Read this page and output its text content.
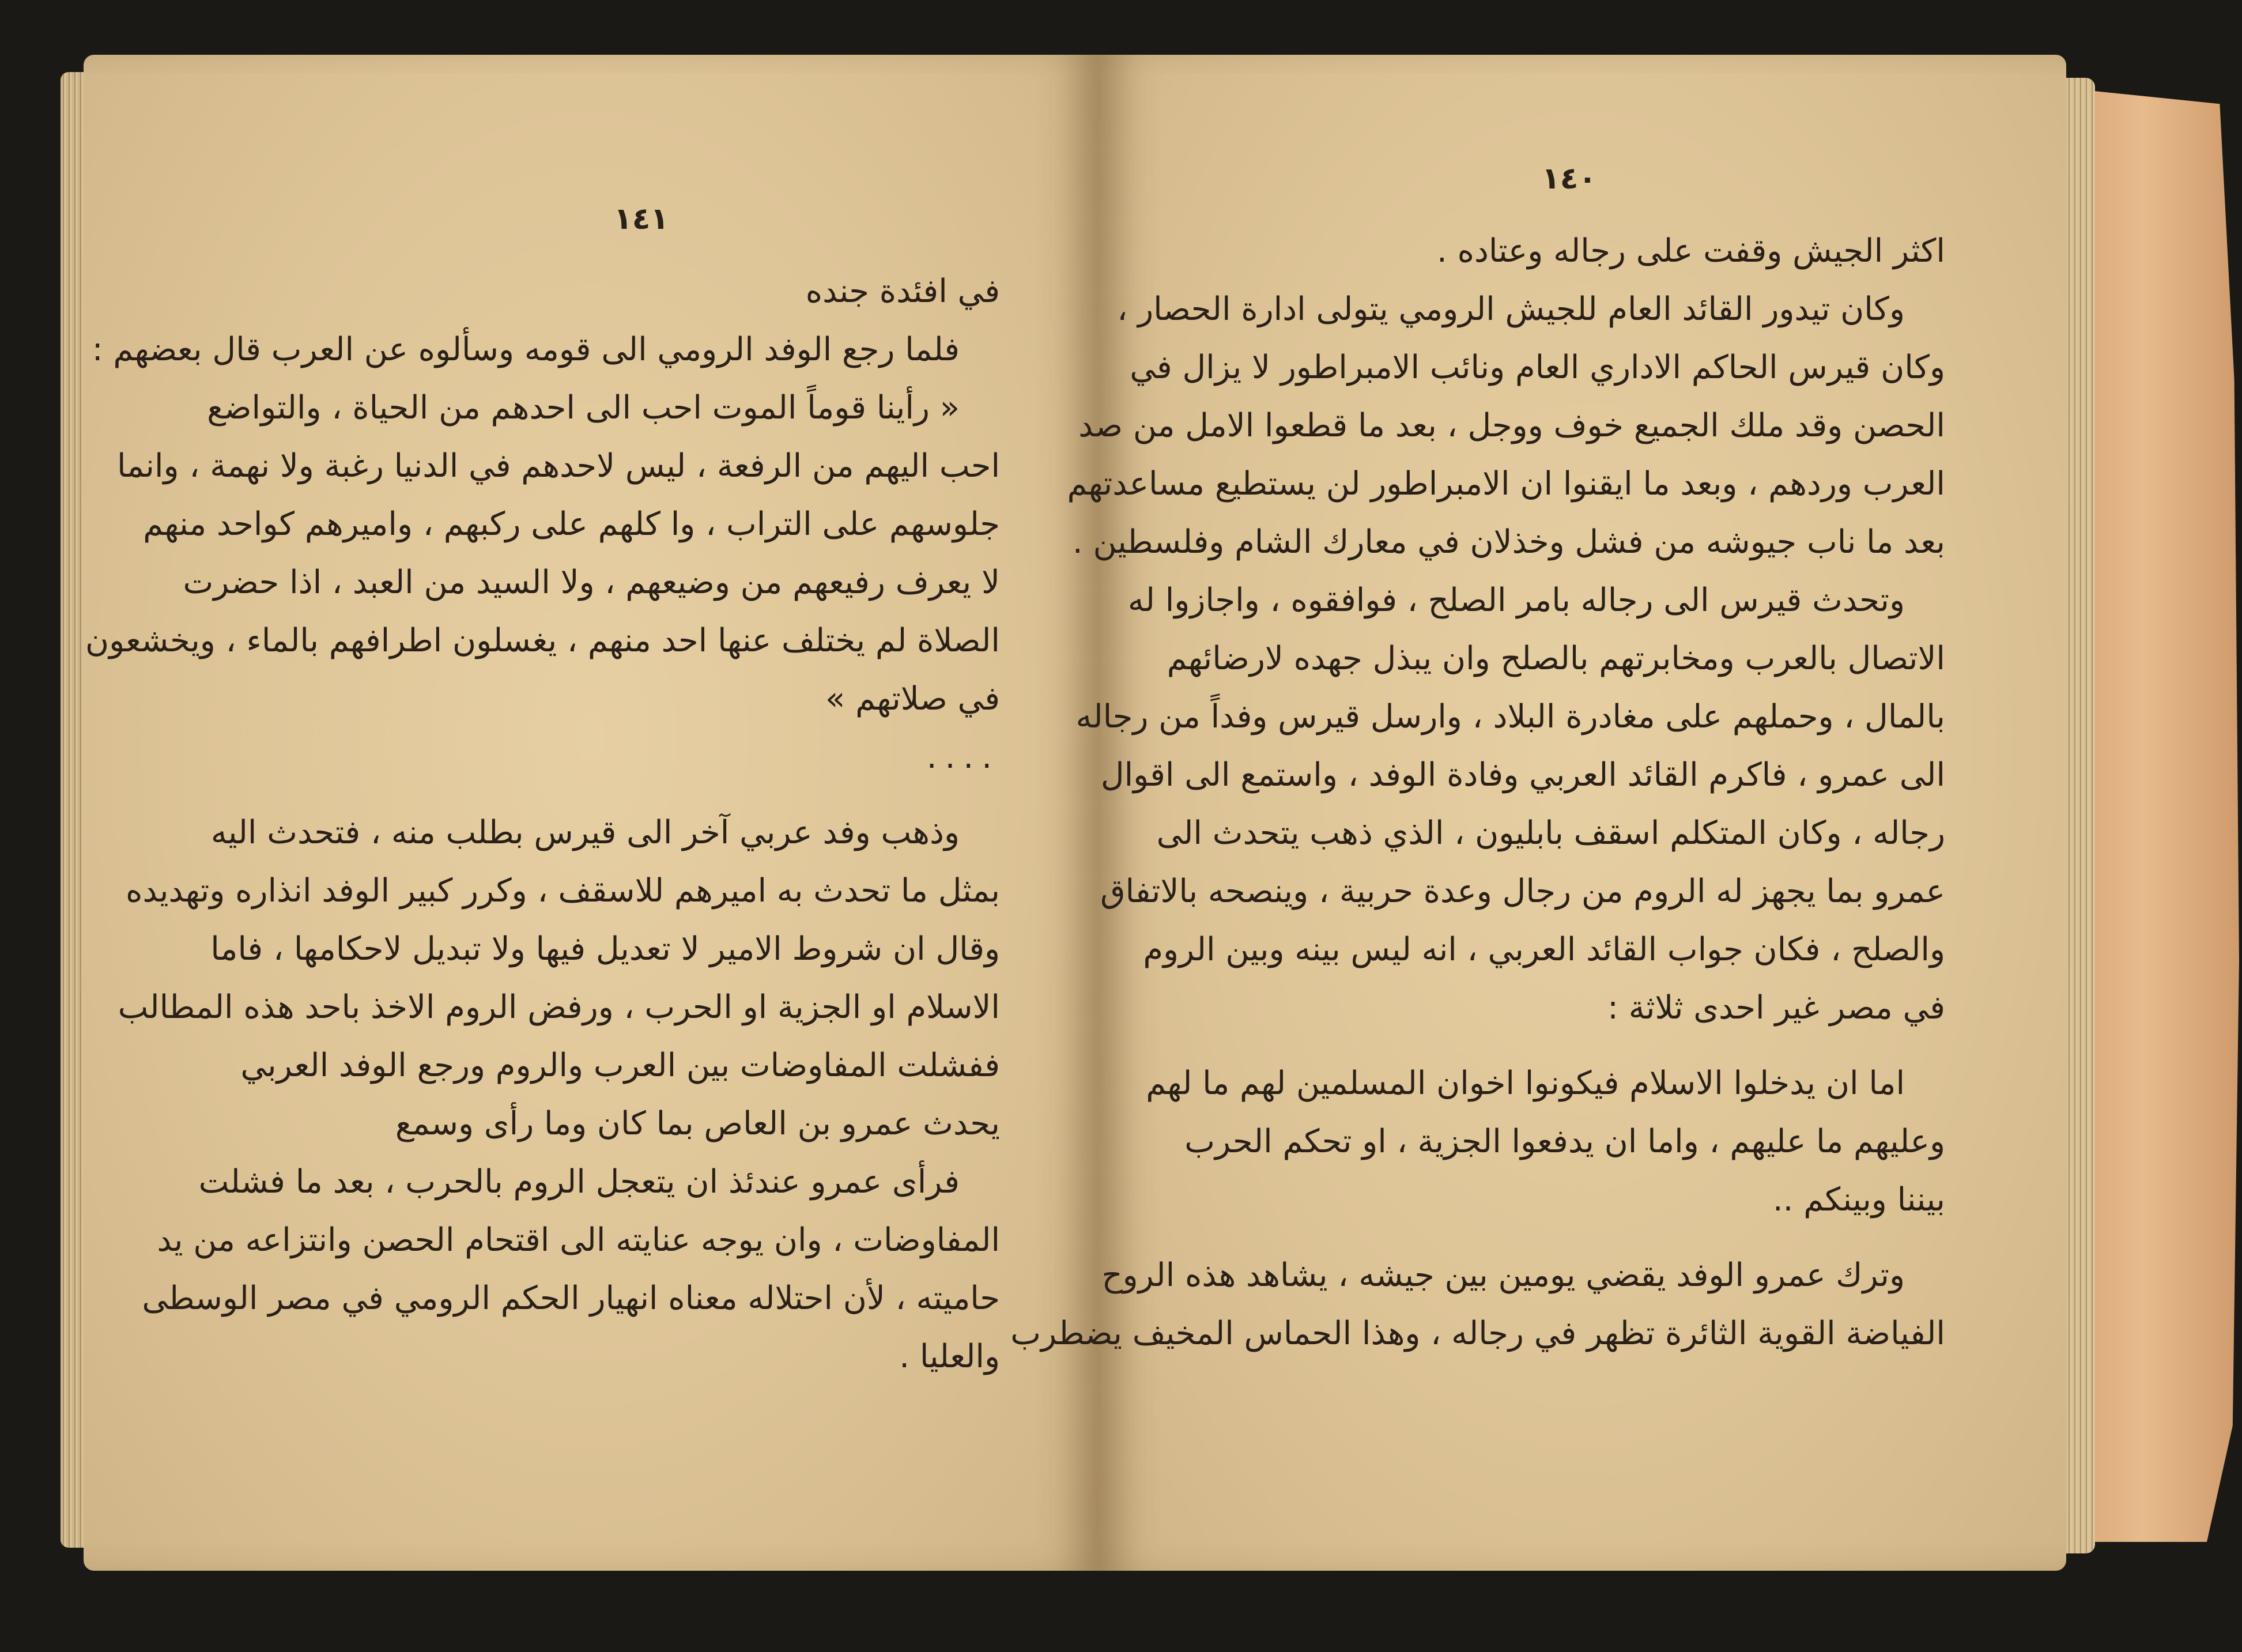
١٤١
في افئدة جنده
فلما رجع الوفد الرومي الى قومه وسألوه عن العرب قال بعضهم :
« رأينا قوماً الموت احب الى احدهم من الحياة ، والتواضع
احب اليهم من الرفعة ، ليس لاحدهم في الدنيا رغبة ولا نهمة ، وانما
جلوسهم على التراب ، وا كلهم على ركبهم ، واميرهم كواحد منهم
لا يعرف رفيعهم من وضيعهم ، ولا السيد من العبد ، اذا حضرت
الصلاة لم يختلف عنها احد منهم ، يغسلون اطرافهم بالماء ، ويخشعون
في صلاتهم »
....
وذهب وفد عربي آخر الى قيرس بطلب منه ، فتحدث اليه
بمثل ما تحدث به اميرهم للاسقف ، وكرر كبير الوفد انذاره وتهديده
وقال ان شروط الامير لا تعديل فيها ولا تبديل لاحكامها ، فاما
الاسلام او الجزية او الحرب ، ورفض الروم الاخذ باحد هذه المطالب
ففشلت المفاوضات بين العرب والروم ورجع الوفد العربي
يحدث عمرو بن العاص بما كان وما رأى وسمع
فرأى عمرو عندئذ ان يتعجل الروم بالحرب ، بعد ما فشلت
المفاوضات ، وان يوجه عنايته الى اقتحام الحصن وانتزاعه من يد
حاميته ، لأن احتلاله معناه انهيار الحكم الرومي في مصر الوسطى
والعليا .
١٤٠
اكثر الجيش وقفت على رجاله وعتاده .
وكان تيدور القائد العام للجيش الرومي يتولى ادارة الحصار ،
وكان قيرس الحاكم الاداري العام ونائب الامبراطور لا يزال في
الحصن وقد ملك الجميع خوف ووجل ، بعد ما قطعوا الامل من صد
العرب وردهم ، وبعد ما ايقنوا ان الامبراطور لن يستطيع مساعدتهم
بعد ما ناب جيوشه من فشل وخذلان في معارك الشام وفلسطين .
وتحدث قيرس الى رجاله بامر الصلح ، فوافقوه ، واجازوا له
الاتصال بالعرب ومخابرتهم بالصلح وان يبذل جهده لارضائهم
بالمال ، وحملهم على مغادرة البلاد ، وارسل قيرس وفداً من رجاله
الى عمرو ، فاكرم القائد العربي وفادة الوفد ، واستمع الى اقوال
رجاله ، وكان المتكلم اسقف بابليون ، الذي ذهب يتحدث الى
عمرو بما يجهز له الروم من رجال وعدة حربية ، وينصحه بالاتفاق
والصلح ، فكان جواب القائد العربي ، انه ليس بينه وبين الروم
في مصر غير احدى ثلاثة :
اما ان يدخلوا الاسلام فيكونوا اخوان المسلمين لهم ما لهم
وعليهم ما عليهم ، واما ان يدفعوا الجزية ، او تحكم الحرب
بيننا وبينكم ..
وترك عمرو الوفد يقضي يومين بين جيشه ، يشاهد هذه الروح
الفياضة القوية الثائرة تظهر في رجاله ، وهذا الحماس المخيف يضطرب
